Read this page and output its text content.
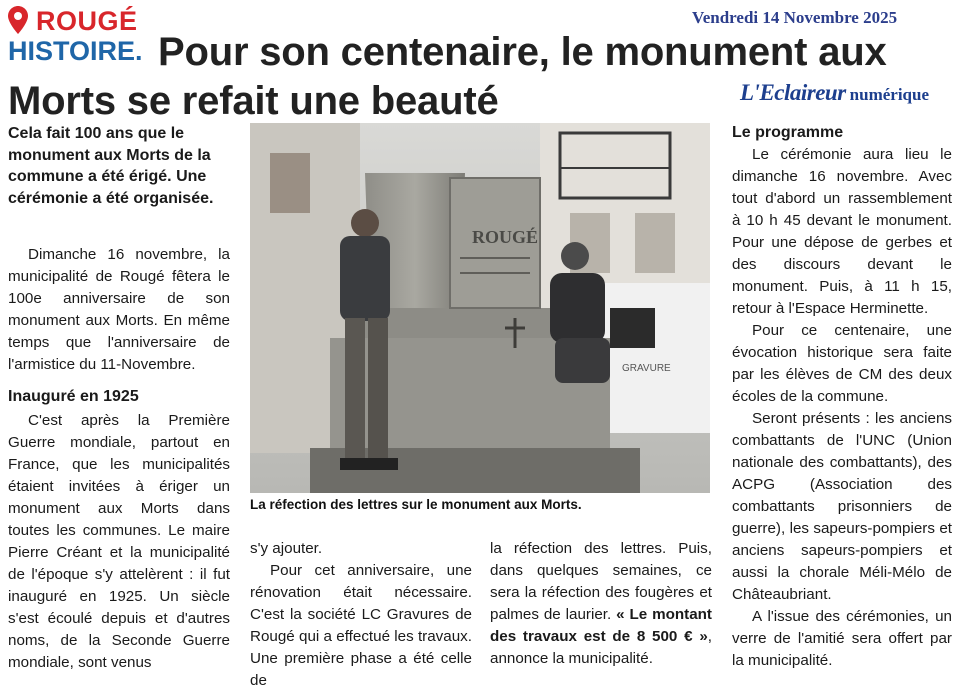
ROUGÉ
HISTOIRE. Pour son centenaire, le monument aux Morts se refait une beauté
Vendredi 14 Novembre 2025
L'Eclaireur numérique
Cela fait 100 ans que le monument aux Morts de la commune a été érigé. Une cérémonie a été organisée.

Dimanche 16 novembre, la municipalité de Rougé fêtera le 100e anniversaire de son monument aux Morts. En même temps que l'anniversaire de l'armistice du 11-Novembre.

Inauguré en 1925

C'est après la Première Guerre mondiale, partout en France, que les municipalités étaient invitées à ériger un monument aux Morts dans toutes les communes. Le maire Pierre Créant et la municipalité de l'époque s'y attelèrent : il fut inauguré en 1925. Un siècle s'est écoulé depuis et d'autres noms, de la Seconde Guerre mondiale, sont venus

GRAVURE
ROUGÉ
La réfection des lettres sur le monument aux Morts.

s'y ajouter.

Pour cet anniversaire, une rénovation était nécessaire. C'est la société LC Gravures de Rougé qui a effectué les travaux. Une première phase a été celle de

la réfection des lettres. Puis, dans quelques semaines, ce sera la réfection des fougères et palmes de laurier. « Le montant des travaux est de 8 500 € », annonce la municipalité.

Le programme

Le cérémonie aura lieu le dimanche 16 novembre. Avec tout d'abord un rassemblement à 10 h 45 devant le monument. Pour une dépose de gerbes et des discours devant le monument. Puis, à 11 h 15, retour à l'Espace Herminette.

Pour ce centenaire, une évocation historique sera faite par les élèves de CM des deux écoles de la commune.

Seront présents : les anciens combattants de l'UNC (Union nationale des combattants), des ACPG (Association des combattants prisonniers de guerre), les sapeurs-pompiers et anciens sapeurs-pompiers et aussi la chorale Méli-Mélo de Châteaubriant.

A l'issue des cérémonies, un verre de l'amitié sera offert par la municipalité.
